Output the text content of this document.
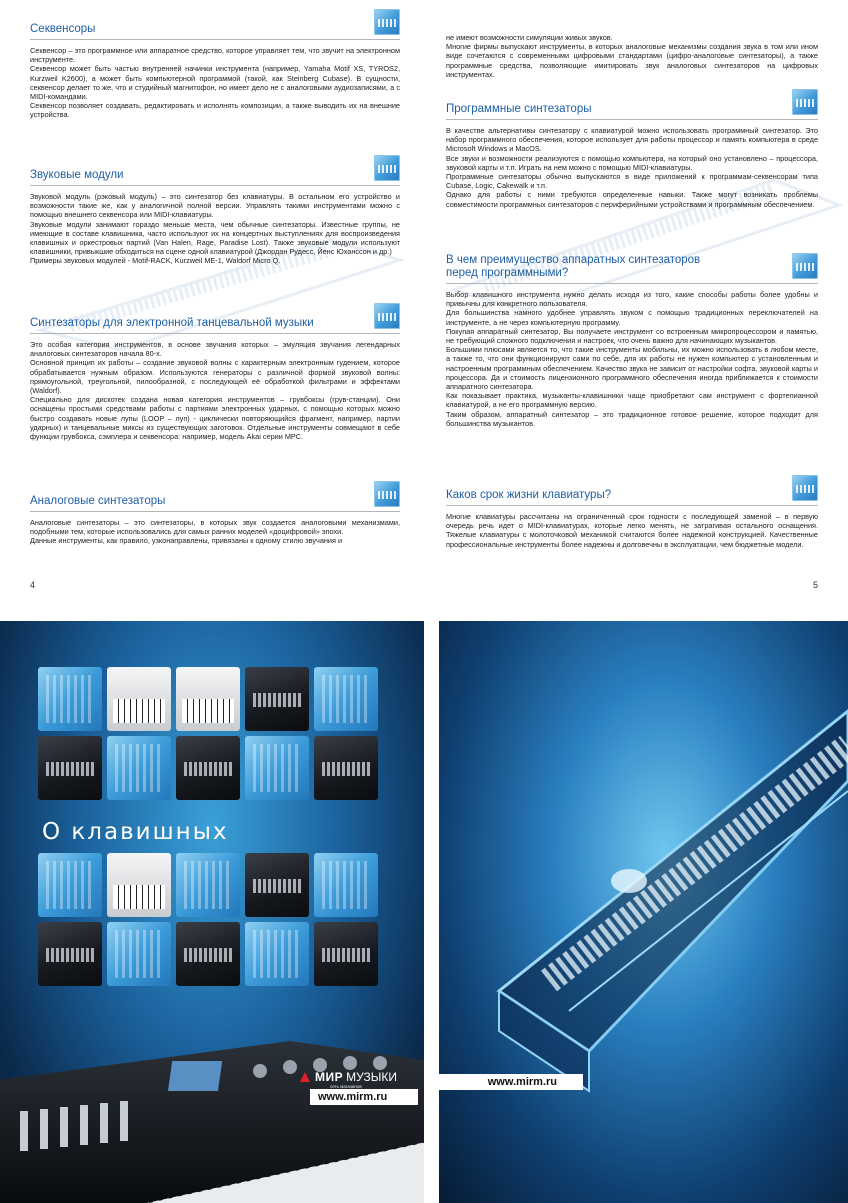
Секвенсоры

Секвенсор – это программное или аппаратное средство, которое управляет тем, что звучит на электронном инструменте.

Секвенсор может быть частью внутренней начинки инструмента (например, Yamaha Motif XS, TYROS2, Kurzweil K2600), а может быть компьютерной программой (такой, как Steinberg Cubase). В сущности, секвенсор делает то же, что и студийный магнитофон, но имеет дело не с аналоговыми аудиозаписями, а с MIDI-командами.

Секвенсор позволяет создавать, редактировать и исполнять композиции, а также выводить их на внешние устройства.

Звуковые модули

Звуковой модуль (рэковый модуль) – это синтезатор без клавиатуры. В остальном его устройство и возможности такие же, как у аналогичной полной версии. Управлять такими инструментами можно с помощью внешнего секвенсора или MIDI-клавиатуры.

Звуковые модули занимают гораздо меньше места, чем обычные синтезаторы. Известные группы, не имеющие в составе клавишника, часто используют их на концертных выступлениях для воспроизведения клавишных и оркестровых партий (Van Halen, Rage, Paradise Lost). Также звуковые модули используют клавишники, привыкшие обходиться на сцене одной клавиатурой (Джордан Рудесс, Йенс Юханссон и др.)

Примеры звуковых модулей - Motif-RACK, Kurzweil ME-1, Waldorf Micro Q.

Синтезаторы для электронной танцевальной музыки

Это особая категория инструментов, в основе звучания которых – эмуляция звучания легендарных аналоговых синтезаторов начала 80-х.

Основной принцип их работы – создание звуковой волны с характерным электронным гудением, которое обрабатывается нужным образом. Используются генераторы с различной формой звуковой волны: прямоугольной, треугольной, пилообразной, с последующей её обработкой фильтрами и эффектами (Waldorf).

Специально для дискотек создана новая категория инструментов – грувбоксы (грув-станции). Они оснащены простыми средствами работы с партиями электронных ударных, с помощью которых можно быстро создавать новые лупы (LOOP – луп) - циклически повторяющийся фрагмент, например, партии ударных) и танцевальные миксы из существующих заготовок. Отдельные инструменты совмещают в себе функции грувбокса, сэмплера и секвенсора: например, модель Akai серии MPC.

Аналоговые синтезаторы

Аналоговые синтезаторы – это синтезаторы, в которых звук создается аналоговыми механизмами, подобными тем, которые использовались для самых ранних моделей «доцифровой» эпохи.

Данные инструменты, как правило, узконаправлены, привязаны к одному стилю звучания и

4

не имеют возможности симуляции живых звуков.

Многие фирмы выпускают инструменты, в которых аналоговые механизмы создания звука в том или ином виде сочетаются с современными цифровыми стандартами (цифро-аналоговые синтезаторы), а также программные средства, позволяющие имитировать звук аналоговых синтезаторов на цифровых инструментах.

Программные синтезаторы

В качестве альтернативы синтезатору с клавиатурой можно использовать программный синтезатор. Это набор программного обеспечения, которое использует для работы процессор и память компьютера в среде Microsoft Windows и MacOS.

Все звуки и возможности реализуются с помощью компьютера, на который оно установлено – процессора, звуковой карты и т.п. Играть на нем можно с помощью MIDI-клавиатуры.

Программные синтезаторы обычно выпускаются в виде приложений к программам-секвенсорам типа Cubase, Logic, Cakewalk и т.п.

Однако для работы с ними требуются определенные навыки. Также могут возникать проблемы совместимости программных синтезаторов с периферийными устройствами и программным обеспечением.

В чем преимущество аппаратных синтезаторов
перед программными?

Выбор клавишного инструмента нужно делать исходя из того, какие способы работы более удобны и привычны для конкретного пользователя.

Для большинства намного удобнее управлять звуком с помощью традиционных переключателей на инструменте, а не через компьютерную программу.

Покупая аппаратный синтезатор, Вы получаете инструмент со встроенным микропроцессором и памятью, не требующий сложного подключения и настроек, что очень важно для начинающих музыкантов.

Большими плюсами является то, что такие инструменты мобильны, их можно использовать в любом месте, а также то, что они функционируют сами по себе, для их работы не нужен компьютер с установленным и настроенным программным обеспечением. Качество звука не зависит от настройки софта, звуковой карты и процессора. Да и стоимость лицензионного программного обеспечения иногда приближается к стоимости аппаратного синтезатора.

Как показывает практика, музыканты-клавишники чаще приобретают сам инструмент с фортепианной клавиатурой, а не его программную версию.

Таким образом, аппаратный синтезатор – это традиционное готовое решение, которое подходит для большинства музыкантов.

Каков срок жизни клавиатуры?

Многие клавиатуры рассчитаны на ограниченный срок годности с последующей заменой – в первую очередь речь идет о MIDI-клавиатурах, которые легко менять, не затрагивая остального оснащения. Тяжелые клавиатуры с молоточковой механикой считаются более надежной конструкцией. Качественные профессиональные инструменты более надежны и долговечны в эксплуатации, чем бюджетные модели.

5
О клавишных
МИР МУЗЫКИ
сеть магазинов
www.mirm.ru
www.mirm.ru
